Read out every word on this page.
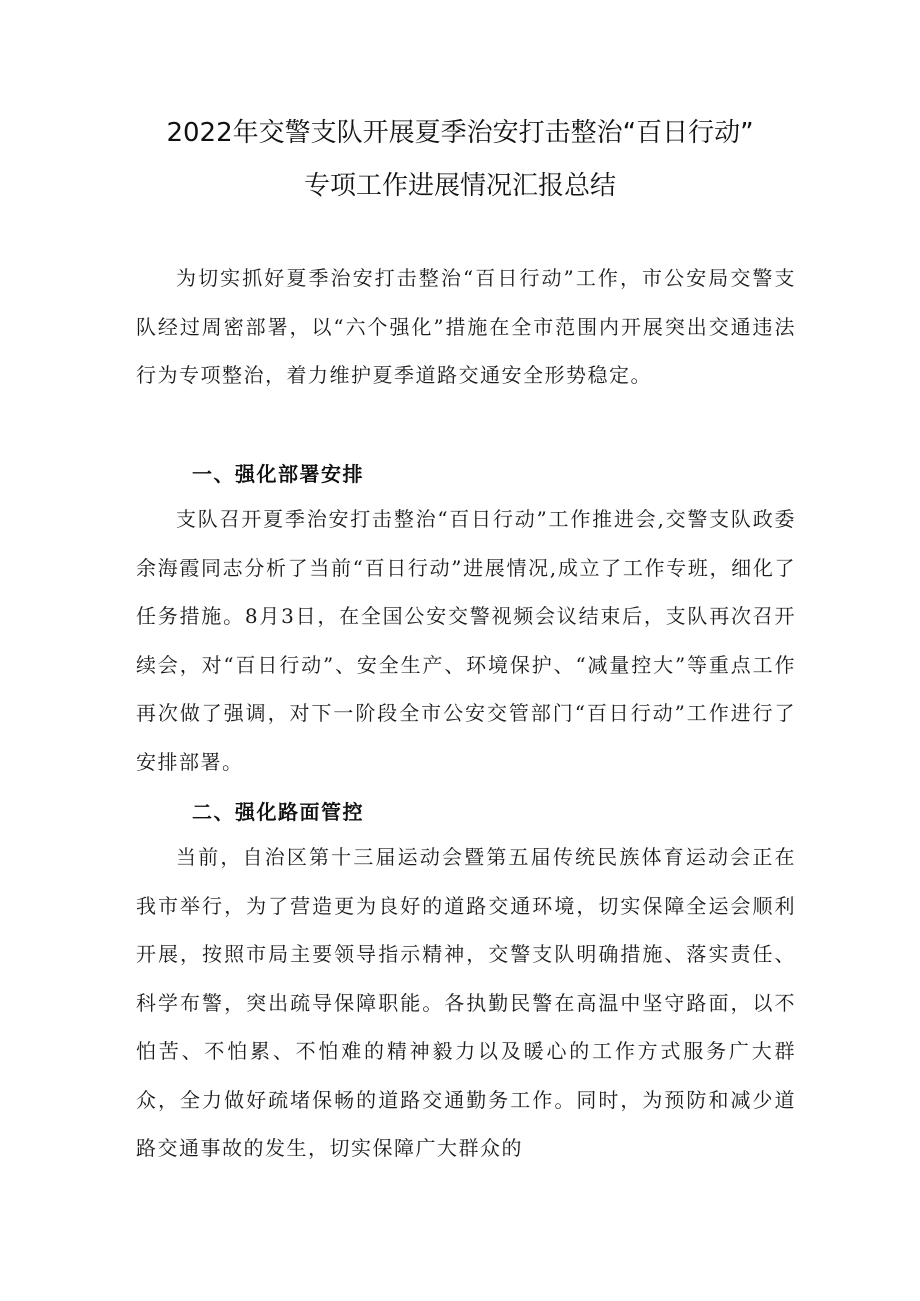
2022年交警支队开展夏季治安打击整治“百日行动”
专项工作进展情况汇报总结

为切实抓好夏季治安打击整治“百日行动”工作，市公安局交警支队经过周密部署，以“六个强化”措施在全市范围内开展突出交通违法行为专项整治，着力维护夏季道路交通安全形势稳定。

一、强化部署安排

支队召开夏季治安打击整治“百日行动”工作推进会,交警支队政委余海霞同志分析了当前“百日行动”进展情况,成立了工作专班，细化了任务措施。8月3日，在全国公安交警视频会议结束后，支队再次召开续会，对“百日行动”、安全生产、环境保护、“减量控大”等重点工作再次做了强调，对下一阶段全市公安交管部门“百日行动”工作进行了安排部署。

二、强化路面管控

当前，自治区第十三届运动会暨第五届传统民族体育运动会正在我市举行，为了营造更为良好的道路交通环境，切实保障全运会顺利开展，按照市局主要领导指示精神，交警支队明确措施、落实责任、科学布警，突出疏导保障职能。各执勤民警在高温中坚守路面，以不怕苦、不怕累、不怕难的精神毅力以及暖心的工作方式服务广大群众，全力做好疏堵保畅的道路交通勤务工作。同时，为预防和减少道路交通事故的发生，切实保障广大群众的
